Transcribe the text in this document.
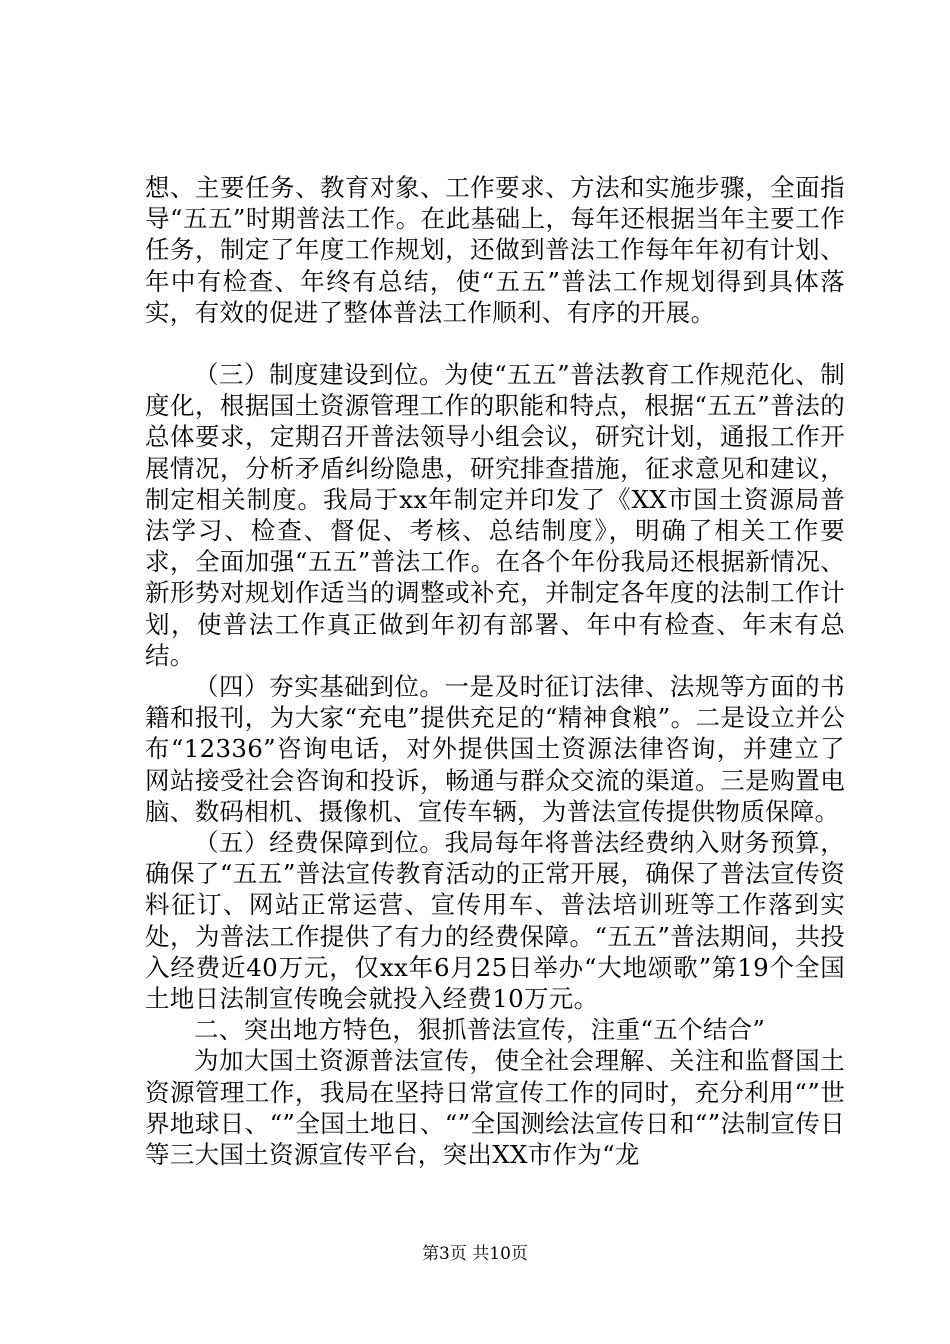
想、主要任务、教育对象、工作要求、方法和实施步骤，全面指导“五五”时期普法工作。在此基础上，每年还根据当年主要工作任务，制定了年度工作规划，还做到普法工作每年年初有计划、年中有检查、年终有总结，使“五五”普法工作规划得到具体落实，有效的促进了整体普法工作顺利、有序的开展。

（三）制度建设到位。为使“五五”普法教育工作规范化、制度化，根据国土资源管理工作的职能和特点，根据“五五”普法的总体要求，定期召开普法领导小组会议，研究计划，通报工作开展情况，分析矛盾纠纷隐患，研究排查措施，征求意见和建议，制定相关制度。我局于xx年制定并印发了《XX市国土资源局普法学习、检查、督促、考核、总结制度》，明确了相关工作要求，全面加强“五五”普法工作。在各个年份我局还根据新情况、新形势对规划作适当的调整或补充，并制定各年度的法制工作计划，使普法工作真正做到年初有部署、年中有检查、年末有总结。

（四）夯实基础到位。一是及时征订法律、法规等方面的书籍和报刊，为大家“充电”提供充足的“精神食粮”。二是设立并公布“12336”咨询电话，对外提供国土资源法律咨询，并建立了网站接受社会咨询和投诉，畅通与群众交流的渠道。三是购置电脑、数码相机、摄像机、宣传车辆，为普法宣传提供物质保障。

（五）经费保障到位。我局每年将普法经费纳入财务预算，确保了“五五”普法宣传教育活动的正常开展，确保了普法宣传资料征订、网站正常运营、宣传用车、普法培训班等工作落到实处，为普法工作提供了有力的经费保障。“五五”普法期间，共投入经费近40万元，仅xx年6月25日举办“大地颂歌”第19个全国土地日法制宣传晚会就投入经费10万元。

二、突出地方特色，狠抓普法宣传，注重“五个结合”

为加大国土资源普法宣传，使全社会理解、关注和监督国土资源管理工作，我局在坚持日常宣传工作的同时，充分利用“”世界地球日、“”全国土地日、“”全国测绘法宣传日和“”法制宣传日等三大国土资源宣传平台，突出XX市作为“龙

第3页 共10页
